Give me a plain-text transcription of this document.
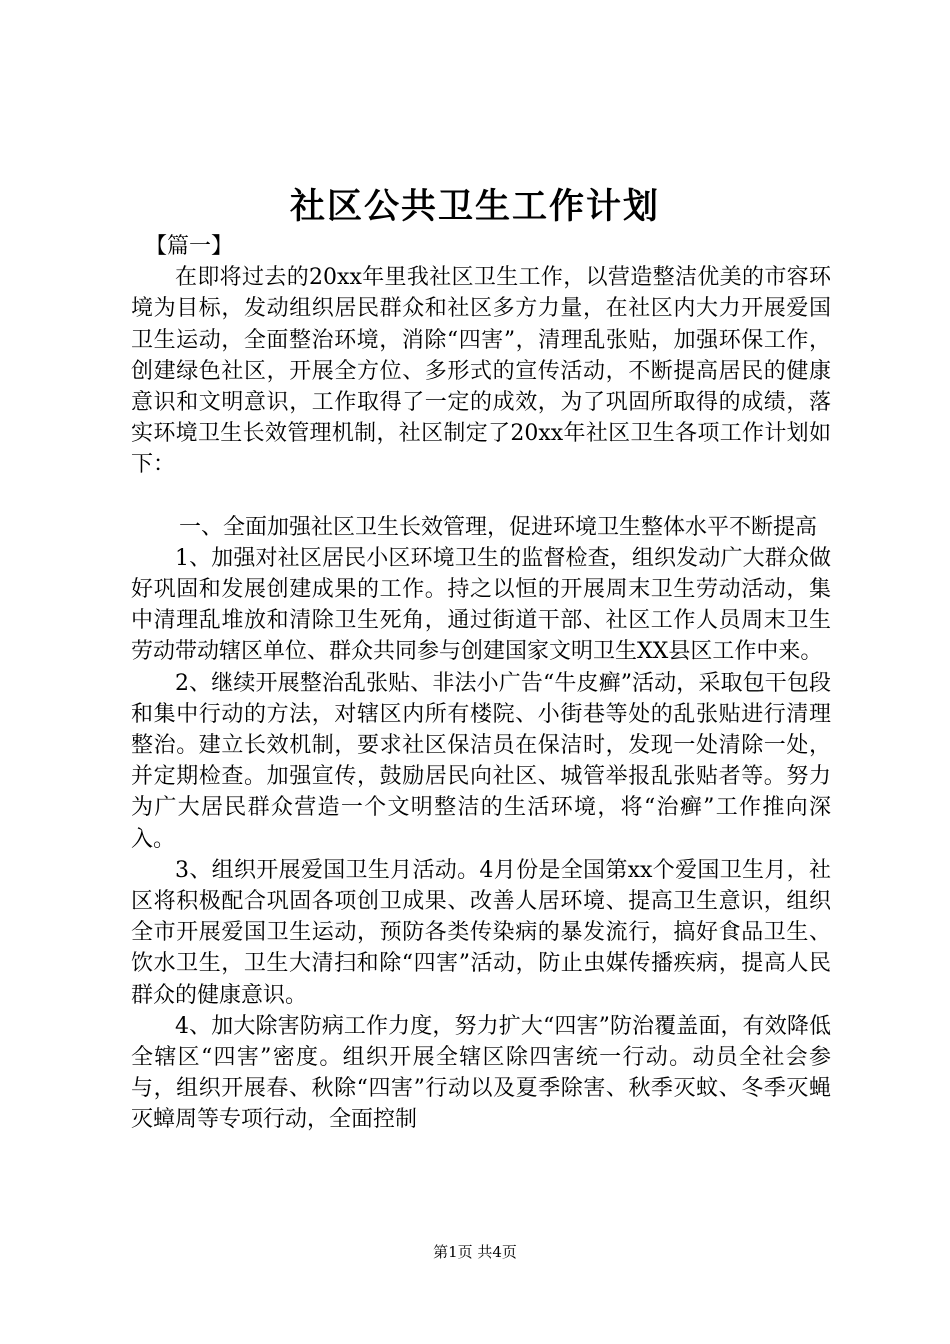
社区公共卫生工作计划

【篇一】

在即将过去的20xx年里我社区卫生工作，以营造整洁优美的市容环境为目标，发动组织居民群众和社区多方力量，在社区内大力开展爱国卫生运动，全面整治环境，消除“四害”，清理乱张贴，加强环保工作，创建绿色社区，开展全方位、多形式的宣传活动，不断提高居民的健康意识和文明意识，工作取得了一定的成效，为了巩固所取得的成绩，落实环境卫生长效管理机制，社区制定了20xx年社区卫生各项工作计划如下：

一、全面加强社区卫生长效管理，促进环境卫生整体水平不断提高

1、加强对社区居民小区环境卫生的监督检查，组织发动广大群众做好巩固和发展创建成果的工作。持之以恒的开展周末卫生劳动活动，集中清理乱堆放和清除卫生死角，通过街道干部、社区工作人员周末卫生劳动带动辖区单位、群众共同参与创建国家文明卫生XX县区工作中来。

2、继续开展整治乱张贴、非法小广告“牛皮癣”活动，采取包干包段和集中行动的方法，对辖区内所有楼院、小街巷等处的乱张贴进行清理整治。建立长效机制，要求社区保洁员在保洁时，发现一处清除一处，并定期检查。加强宣传，鼓励居民向社区、城管举报乱张贴者等。努力为广大居民群众营造一个文明整洁的生活环境，将“治癣”工作推向深入。

3、组织开展爱国卫生月活动。4月份是全国第xx个爱国卫生月，社区将积极配合巩固各项创卫成果、改善人居环境、提高卫生意识，组织全市开展爱国卫生运动，预防各类传染病的暴发流行，搞好食品卫生、饮水卫生，卫生大清扫和除“四害”活动，防止虫媒传播疾病，提高人民群众的健康意识。

4、加大除害防病工作力度，努力扩大“四害”防治覆盖面，有效降低全辖区“四害”密度。组织开展全辖区除四害统一行动。动员全社会参与，组织开展春、秋除“四害”行动以及夏季除害、秋季灭蚊、冬季灭蝇灭蟑周等专项行动，全面控制

第1页 共4页
